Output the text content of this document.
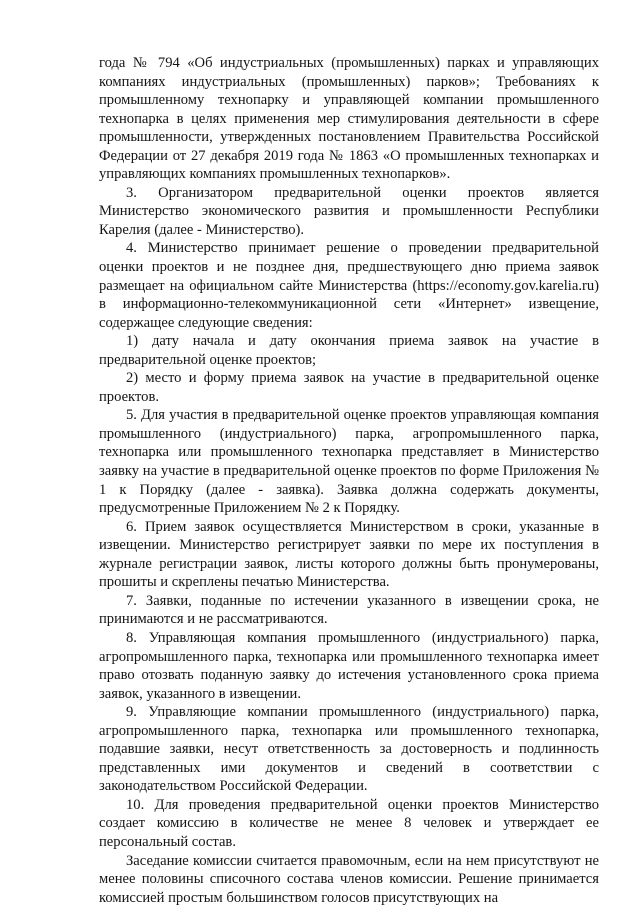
года № 794 «Об индустриальных (промышленных) парках и управляющих компаниях индустриальных (промышленных) парков»; Требованиях к промышленному технопарку и управляющей компании промышленного технопарка в целях применения мер стимулирования деятельности в сфере промышленности, утвержденных постановлением Правительства Российской Федерации от 27 декабря 2019 года № 1863 «О промышленных технопарках и управляющих компаниях промышленных технопарков».

3. Организатором предварительной оценки проектов является Министерство экономического развития и промышленности Республики Карелия (далее - Министерство).

4. Министерство принимает решение о проведении предварительной оценки проектов и не позднее дня, предшествующего дню приема заявок размещает на официальном сайте Министерства (https://economy.gov.karelia.ru) в информационно-телекоммуникационной сети «Интернет» извещение, содержащее следующие сведения:

1) дату начала и дату окончания приема заявок на участие в предварительной оценке проектов;

2) место и форму приема заявок на участие в предварительной оценке проектов.

5. Для участия в предварительной оценке проектов управляющая компания промышленного (индустриального) парка, агропромышленного парка, технопарка или промышленного технопарка представляет в Министерство заявку на участие в предварительной оценке проектов по форме Приложения № 1 к Порядку (далее - заявка). Заявка должна содержать документы, предусмотренные Приложением № 2 к Порядку.

6. Прием заявок осуществляется Министерством в сроки, указанные в извещении. Министерство регистрирует заявки по мере их поступления в журнале регистрации заявок, листы которого должны быть пронумерованы, прошиты и скреплены печатью Министерства.

7. Заявки, поданные по истечении указанного в извещении срока, не принимаются и не рассматриваются.

8. Управляющая компания промышленного (индустриального) парка, агропромышленного парка, технопарка или промышленного технопарка имеет право отозвать поданную заявку до истечения установленного срока приема заявок, указанного в извещении.

9. Управляющие компании промышленного (индустриального) парка, агропромышленного парка, технопарка или промышленного технопарка, подавшие заявки, несут ответственность за достоверность и подлинность представленных ими документов и сведений в соответствии с законодательством Российской Федерации.

10. Для проведения предварительной оценки проектов Министерство создает комиссию в количестве не менее 8 человек и утверждает ее персональный состав.

Заседание комиссии считается правомочным, если на нем присутствуют не менее половины списочного состава членов комиссии. Решение принимается комиссией простым большинством голосов присутствующих на
